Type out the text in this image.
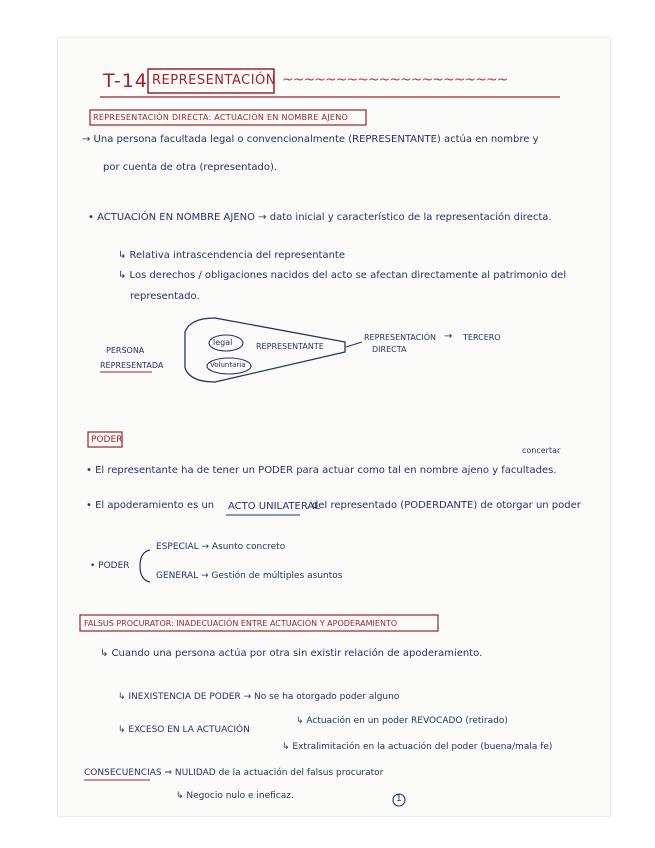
T-14 REPRESENTACIÓN ~~~~~~~~~~~~~~~~~~~~~
REPRESENTACIÓN DIRECTA: ACTUACIÓN EN NOMBRE AJENO
→ Una persona facultada legal o convencionalmente (REPRESENTANTE) actúa en nombre y
por cuenta de otra (representado).
• ACTUACIÓN EN NOMBRE AJENO → dato inicial y característico de la representación directa.
↳ Relativa intrascendencia del representante
↳ Los derechos / obligaciones nacidos del acto se afectan directamente al patrimonio del
representado.
PERSONA
REPRESENTADA
legal
Voluntaria
REPRESENTANTE
REPRESENTACIÓN
DIRECTA
→ TERCERO
PODER
concertar
• El representante ha de tener un PODER para actuar como tal en nombre ajeno y facultades.
• El apoderamiento es un ACTO UNILATERAL
del representado (PODERDANTE) de otorgar un poder
• PODER
ESPECIAL → Asunto concreto
GENERAL → Gestión de múltiples asuntos
FALSUS PROCURATOR: INADECUACIÓN ENTRE ACTUACIÓN Y APODERAMIENTO
↳ Cuando una persona actúa por otra sin existir relación de apoderamiento.
↳ INEXISTENCIA DE PODER → No se ha otorgado poder alguno
↳ EXCESO EN LA ACTUACIÓN
↳ Actuación en un poder REVOCADO (retirado)
↳ Extralimitación en la actuación del poder (buena/mala fe)
CONSECUENCIAS ⇒ NULIDAD de la actuación del falsus procurator
↳ Negocio nulo e ineficaz.	1
